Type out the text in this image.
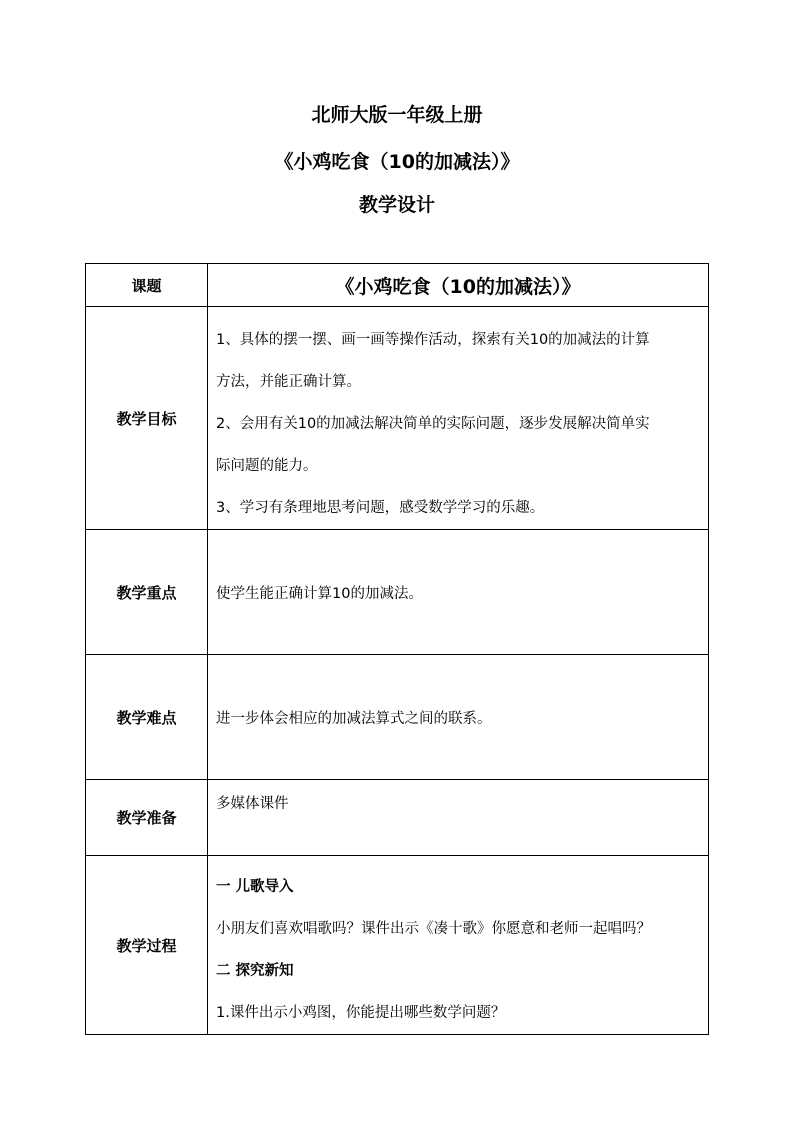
北师大版一年级上册
《小鸡吃食（10的加减法）》
教学设计
课题	《小鸡吃食（10的加减法）》
教学目标	1、具体的摆一摆、画一画等操作活动，探索有关10的加减法的计算

方法，并能正确计算。

2、会用有关10的加减法解决简单的实际问题，逐步发展解决简单实

际问题的能力。

3、学习有条理地思考问题，感受数学学习的乐趣。

教学重点	使学生能正确计算10的加减法。
教学难点	进一步体会相应的加减法算式之间的联系。
教学准备	多媒体课件
教学过程	一 儿歌导入

小朋友们喜欢唱歌吗？课件出示《凑十歌》你愿意和老师一起唱吗？

二 探究新知

1.课件出示小鸡图，你能提出哪些数学问题？
